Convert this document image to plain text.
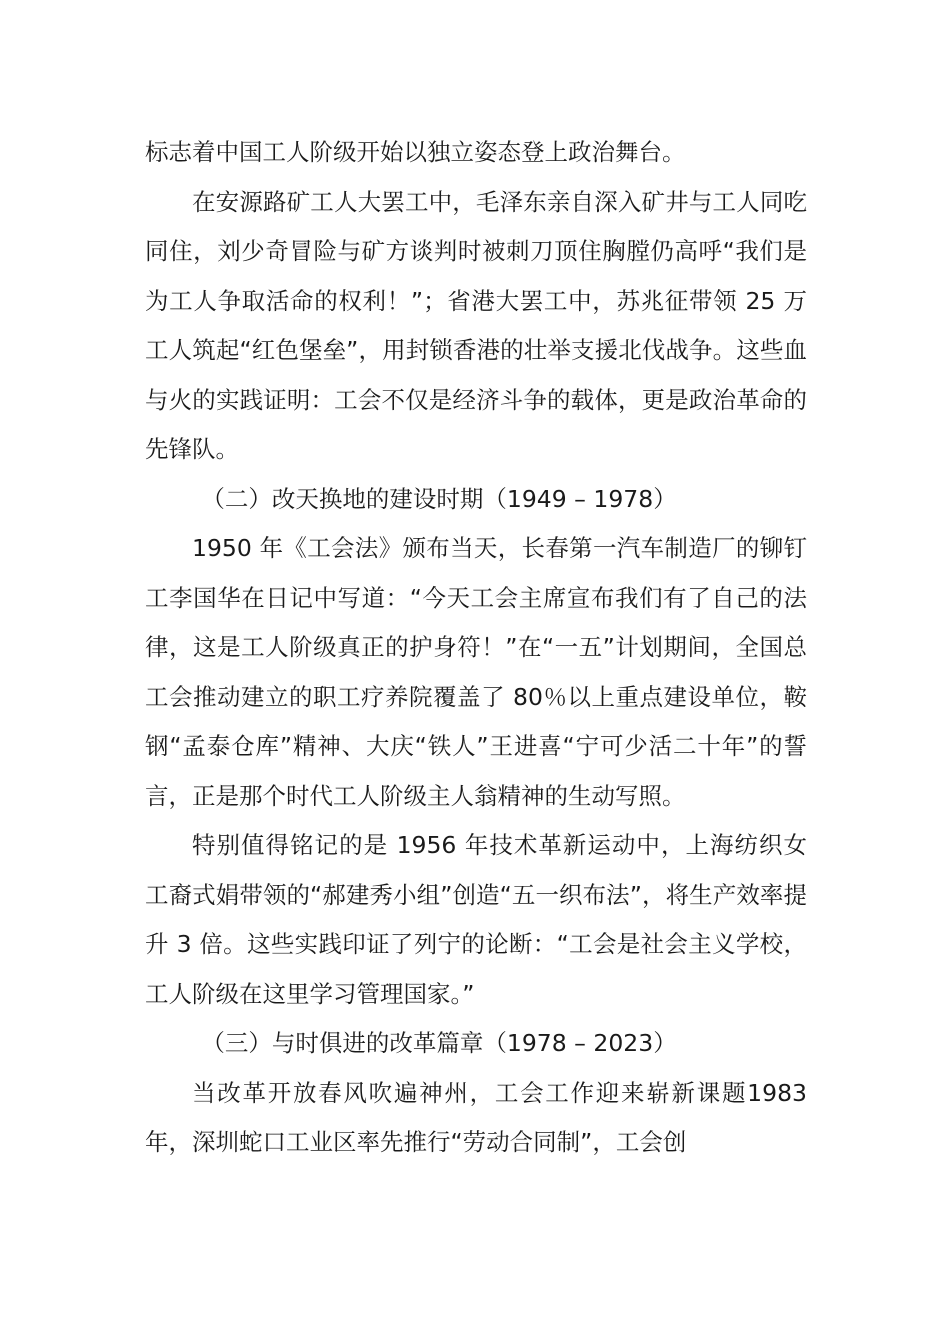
标志着中国工人阶级开始以独立姿态登上政治舞台。

在安源路矿工人大罢工中，毛泽东亲自深入矿井与工人同吃同住，刘少奇冒险与矿方谈判时被刺刀顶住胸膛仍高呼“我们是为工人争取活命的权利！”；省港大罢工中，苏兆征带领 25 万工人筑起“红色堡垒”，用封锁香港的壮举支援北伐战争。这些血与火的实践证明：工会不仅是经济斗争的载体，更是政治革命的先锋队。

（二）改天换地的建设时期（1949 – 1978）

1950 年《工会法》颁布当天，长春第一汽车制造厂的铆钉工李国华在日记中写道：“今天工会主席宣布我们有了自己的法律，这是工人阶级真正的护身符！”在“一五”计划期间，全国总工会推动建立的职工疗养院覆盖了 80％以上重点建设单位，鞍钢“孟泰仓库”精神、大庆“铁人”王进喜“宁可少活二十年”的誓言，正是那个时代工人阶级主人翁精神的生动写照。

特别值得铭记的是 1956 年技术革新运动中，上海纺织女工裔式娟带领的“郝建秀小组”创造“五一织布法”，将生产效率提升 3 倍。这些实践印证了列宁的论断：“工会是社会主义学校，工人阶级在这里学习管理国家。”

（三）与时俱进的改革篇章（1978 – 2023）

当改革开放春风吹遍神州，工会工作迎来崭新课题1983 年，深圳蛇口工业区率先推行“劳动合同制”，工会创
